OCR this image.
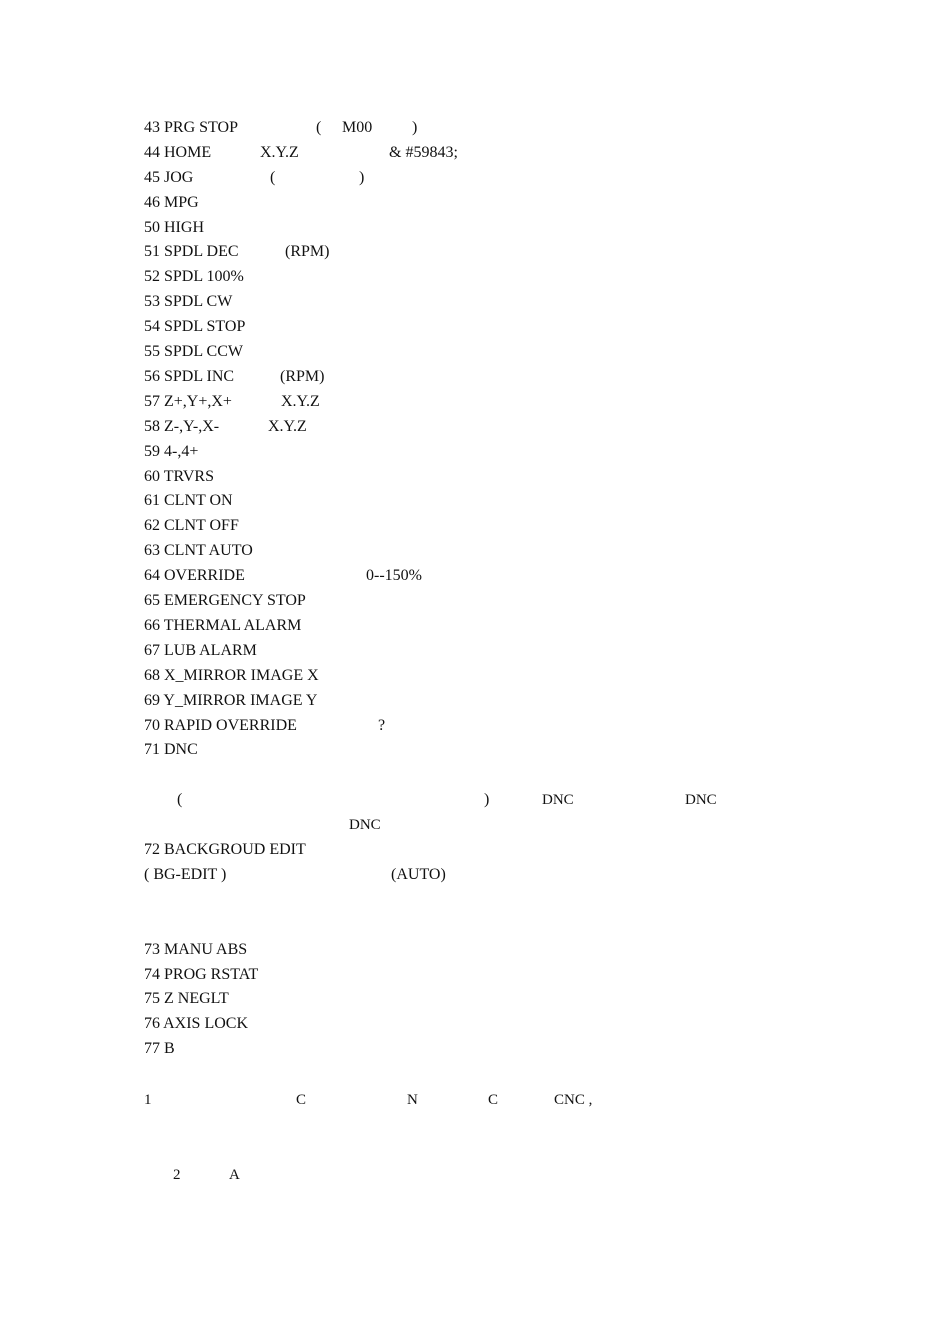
43 PRG STOP	( M00 )
44 HOME	X.Y.Z	& #59843;
45 JOG	(	)
46 MPG
50 HIGH
51 SPDL DEC	(RPM)
52 SPDL 100%
53 SPDL CW
54 SPDL STOP
55 SPDL CCW
56 SPDL INC	(RPM)
57 Z+,Y+,X+	X.Y.Z
58 Z-,Y-,X-	X.Y.Z
59 4-,4+
60 TRVRS
61 CLNT ON
62 CLNT OFF
63 CLNT AUTO
64 OVERRIDE	0--150%
65 EMERGENCY STOP
66 THERMAL ALARM
67 LUB ALARM
68 X_MIRROR IMAGE X
69 Y_MIRROR IMAGE Y
70 RAPID OVERRIDE	?
71 DNC
(	)	DNC	DNC
DNC
72 BACKGROUD EDIT
( BG-EDIT )	(AUTO)
73 MANU ABS
74 PROG RSTAT
75 Z NEGLT
76 AXIS LOCK
77 B
1	C	N	C	CNC ,
2	A
